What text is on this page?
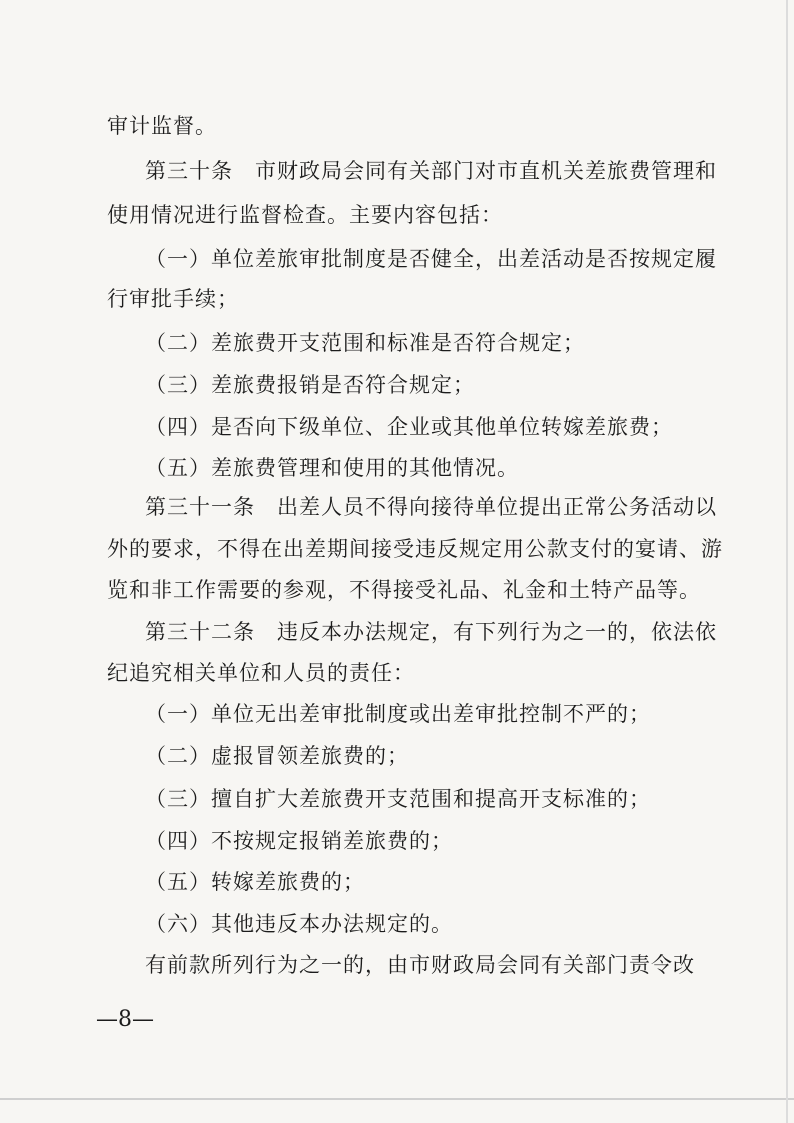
审计监督。
第三十条　市财政局会同有关部门对市直机关差旅费管理和
使用情况进行监督检查。主要内容包括：
（一）单位差旅审批制度是否健全，出差活动是否按规定履
行审批手续；
（二）差旅费开支范围和标准是否符合规定；
（三）差旅费报销是否符合规定；
（四）是否向下级单位、企业或其他单位转嫁差旅费；
（五）差旅费管理和使用的其他情况。
第三十一条　出差人员不得向接待单位提出正常公务活动以
外的要求，不得在出差期间接受违反规定用公款支付的宴请、游
览和非工作需要的参观，不得接受礼品、礼金和土特产品等。
第三十二条　违反本办法规定，有下列行为之一的，依法依
纪追究相关单位和人员的责任：
（一）单位无出差审批制度或出差审批控制不严的；
（二）虚报冒领差旅费的；
（三）擅自扩大差旅费开支范围和提高开支标准的；
（四）不按规定报销差旅费的；
（五）转嫁差旅费的；
（六）其他违反本办法规定的。
有前款所列行为之一的，由市财政局会同有关部门责令改
—8—
